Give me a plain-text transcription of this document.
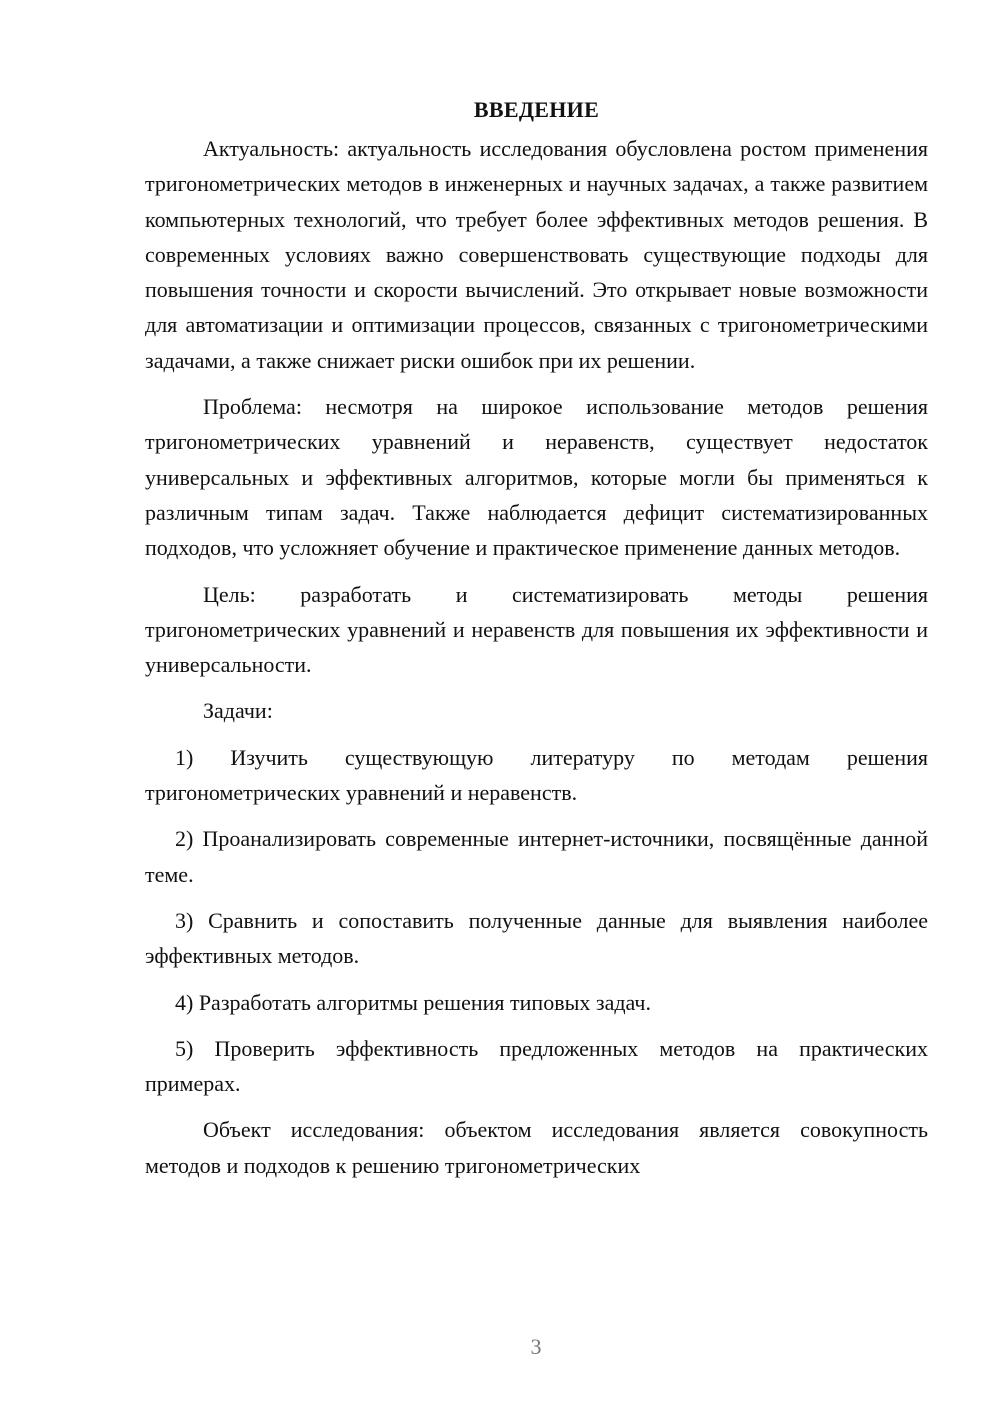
ВВЕДЕНИЕ

Актуальность: актуальность исследования обусловлена ростом применения тригонометрических методов в инженерных и научных задачах, а также развитием компьютерных технологий, что требует более эффективных методов решения. В современных условиях важно совершенствовать существующие подходы для повышения точности и скорости вычислений. Это открывает новые возможности для автоматизации и оптимизации процессов, связанных с тригонометрическими задачами, а также снижает риски ошибок при их решении.

Проблема: несмотря на широкое использование методов решения тригонометрических уравнений и неравенств, существует недостаток универсальных и эффективных алгоритмов, которые могли бы применяться к различным типам задач. Также наблюдается дефицит систематизированных подходов, что усложняет обучение и практическое применение данных методов.

Цель: разработать и систематизировать методы решения тригонометрических уравнений и неравенств для повышения их эффективности и универсальности.

Задачи:

1) Изучить существующую литературу по методам решения тригонометрических уравнений и неравенств.

2) Проанализировать современные интернет-источники, посвящённые данной теме.

3) Сравнить и сопоставить полученные данные для выявления наиболее эффективных методов.

4) Разработать алгоритмы решения типовых задач.

5) Проверить эффективность предложенных методов на практических примерах.

Объект исследования: объектом исследования является совокупность методов и подходов к решению тригонометрических

3
